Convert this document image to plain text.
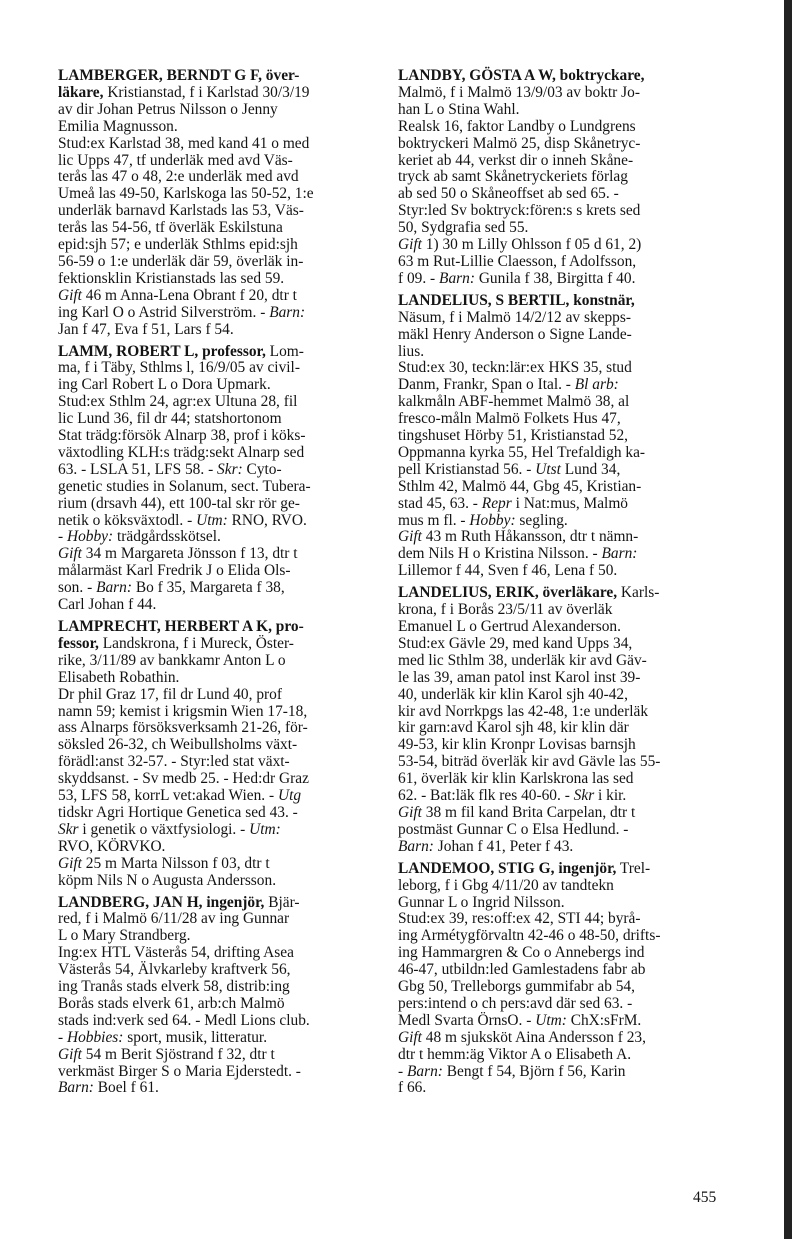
LAMBERGER, BERNDT G F, över-
läkare, Kristianstad, f i Karlstad 30/3/19
av dir Johan Petrus Nilsson o Jenny
Emilia Magnusson.
Stud:ex Karlstad 38, med kand 41 o med
lic Upps 47, tf underläk med avd Väs-
terås las 47 o 48, 2:e underläk med avd
Umeå las 49-50, Karlskoga las 50-52, 1:e
underläk barnavd Karlstads las 53, Väs-
terås las 54-56, tf överläk Eskilstuna
epid:sjh 57; e underläk Sthlms epid:sjh
56-59 o 1:e underläk där 59, överläk in-
fektionsklin Kristianstads las sed 59.
Gift 46 m Anna-Lena Obrant f 20, dtr t
ing Karl O o Astrid Silverström. - Barn:
Jan f 47, Eva f 51, Lars f 54.
LAMM, ROBERT L, professor, Lom-
ma, f i Täby, Sthlms l, 16/9/05 av civil-
ing Carl Robert L o Dora Upmark.
Stud:ex Sthlm 24, agr:ex Ultuna 28, fil
lic Lund 36, fil dr 44; statshortonom
Stat trädg:försök Alnarp 38, prof i köks-
växtodling KLH:s trädg:sekt Alnarp sed
63. - LSLA 51, LFS 58. - Skr: Cyto-
genetic studies in Solanum, sect. Tubera-
rium (drsavh 44), ett 100-tal skr rör ge-
netik o köksväxtodl. - Utm: RNO, RVO.
- Hobby: trädgårdsskötsel.
Gift 34 m Margareta Jönsson f 13, dtr t
målarmäst Karl Fredrik J o Elida Ols-
son. - Barn: Bo f 35, Margareta f 38,
Carl Johan f 44.
LAMPRECHT, HERBERT A K, pro-
fessor, Landskrona, f i Mureck, Öster-
rike, 3/11/89 av bankkamr Anton L o
Elisabeth Robathin.
Dr phil Graz 17, fil dr Lund 40, prof
namn 59; kemist i krigsmin Wien 17-18,
ass Alnarps försöksverksamh 21-26, för-
söksled 26-32, ch Weibullsholms växt-
förädl:anst 32-57. - Styr:led stat växt-
skyddsanst. - Sv medb 25. - Hed:dr Graz
53, LFS 58, korrL vet:akad Wien. - Utg
tidskr Agri Hortique Genetica sed 43. -
Skr i genetik o växtfysiologi. - Utm:
RVO, KÖRVKO.
Gift 25 m Marta Nilsson f 03, dtr t
köpm Nils N o Augusta Andersson.
LANDBERG, JAN H, ingenjör, Bjär-
red, f i Malmö 6/11/28 av ing Gunnar
L o Mary Strandberg.
Ing:ex HTL Västerås 54, drifting Asea
Västerås 54, Älvkarleby kraftverk 56,
ing Tranås stads elverk 58, distrib:ing
Borås stads elverk 61, arb:ch Malmö
stads ind:verk sed 64. - Medl Lions club.
- Hobbies: sport, musik, litteratur.
Gift 54 m Berit Sjöstrand f 32, dtr t
verkmäst Birger S o Maria Ejderstedt. -
Barn: Boel f 61.
LANDBY, GÖSTA A W, boktryckare,
Malmö, f i Malmö 13/9/03 av boktr Jo-
han L o Stina Wahl.
Realsk 16, faktor Landby o Lundgrens
boktryckeri Malmö 25, disp Skånetryc-
keriet ab 44, verkst dir o inneh Skåne-
tryck ab samt Skånetryckeriets förlag
ab sed 50 o Skåneoffset ab sed 65. -
Styr:led Sv boktryck:fören:s s krets sed
50, Sydgrafia sed 55.
Gift 1) 30 m Lilly Ohlsson f 05 d 61, 2)
63 m Rut-Lillie Claesson, f Adolfsson,
f 09. - Barn: Gunila f 38, Birgitta f 40.
LANDELIUS, S BERTIL, konstnär,
Näsum, f i Malmö 14/2/12 av skepps-
mäkl Henry Anderson o Signe Lande-
lius.
Stud:ex 30, teckn:lär:ex HKS 35, stud
Danm, Frankr, Span o Ital. - Bl arb:
kalkmåln ABF-hemmet Malmö 38, al
fresco-måln Malmö Folkets Hus 47,
tingshuset Hörby 51, Kristianstad 52,
Oppmanna kyrka 55, Hel Trefaldigh ka-
pell Kristianstad 56. - Utst Lund 34,
Sthlm 42, Malmö 44, Gbg 45, Kristian-
stad 45, 63. - Repr i Nat:mus, Malmö
mus m fl. - Hobby: segling.
Gift 43 m Ruth Håkansson, dtr t nämn-
dem Nils H o Kristina Nilsson. - Barn:
Lillemor f 44, Sven f 46, Lena f 50.
LANDELIUS, ERIK, överläkare, Karls-
krona, f i Borås 23/5/11 av överläk
Emanuel L o Gertrud Alexanderson.
Stud:ex Gävle 29, med kand Upps 34,
med lic Sthlm 38, underläk kir avd Gäv-
le las 39, aman patol inst Karol inst 39-
40, underläk kir klin Karol sjh 40-42,
kir avd Norrkpgs las 42-48, 1:e underläk
kir garn:avd Karol sjh 48, kir klin där
49-53, kir klin Kronpr Lovisas barnsjh
53-54, biträd överläk kir avd Gävle las 55-
61, överläk kir klin Karlskrona las sed
62. - Bat:läk flk res 40-60. - Skr i kir.
Gift 38 m fil kand Brita Carpelan, dtr t
postmäst Gunnar C o Elsa Hedlund. -
Barn: Johan f 41, Peter f 43.
LANDEMOO, STIG G, ingenjör, Trel-
leborg, f i Gbg 4/11/20 av tandtekn
Gunnar L o Ingrid Nilsson.
Stud:ex 39, res:off:ex 42, STI 44; byrå-
ing Armétygförvaltn 42-46 o 48-50, drifts-
ing Hammargren & Co o Annebergs ind
46-47, utbildn:led Gamlestadens fabr ab
Gbg 50, Trelleborgs gummifabr ab 54,
pers:intend o ch pers:avd där sed 63. -
Medl Svarta ÖrnsO. - Utm: ChX:sFrM.
Gift 48 m sjuksköt Aina Andersson f 23,
dtr t hemm:äg Viktor A o Elisabeth A.
- Barn: Bengt f 54, Björn f 56, Karin
f 66.
455
